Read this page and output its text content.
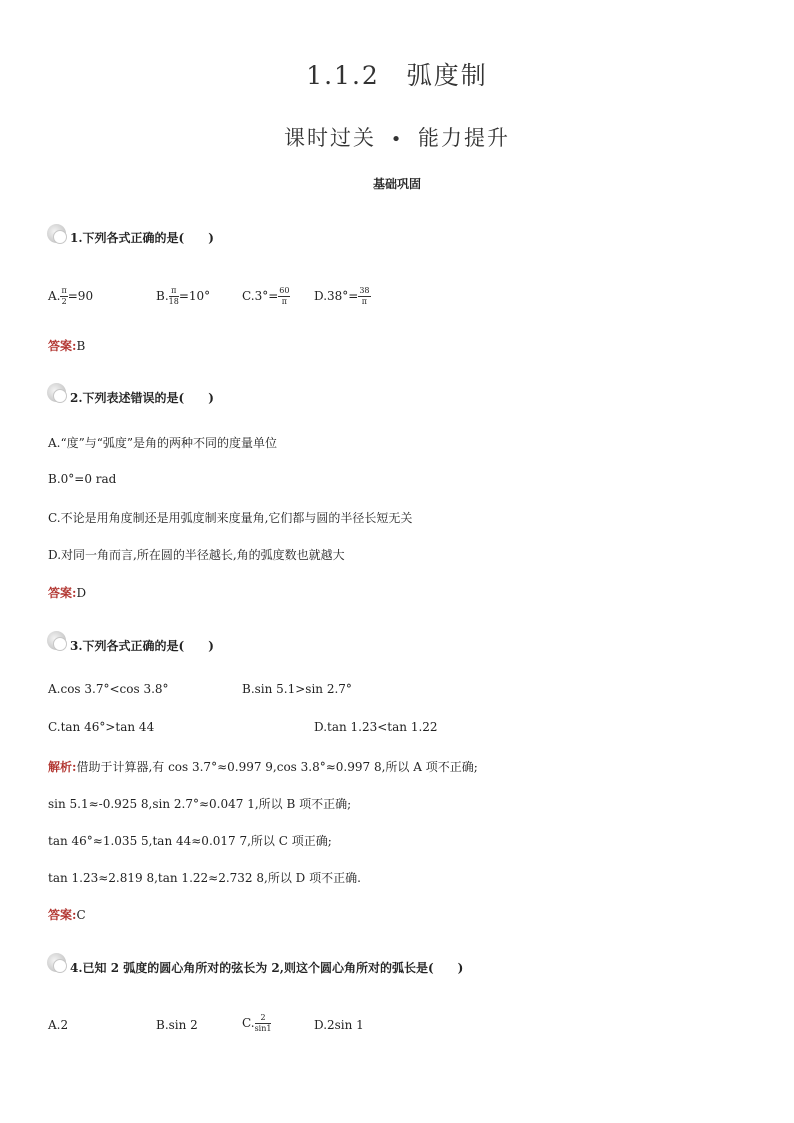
1.1.2　弧度制
课时过关 • 能力提升
基础巩固
1.下列各式正确的是(　　)
A. $\frac{\pi}{2} =90$	B. $\frac{\pi}{18} =10^\circ$	$C.3^\circ= \frac{60}{\pi} D.38^\circ= \frac{38}{\pi}$
答案:B
2.下列表述错误的是(　　)
A.“度”与“弧度”是角的两种不同的度量单位
B.0°=0 rad
C.不论是用角度制还是用弧度制来度量角,它们都与圆的半径长短无关
D.对同一角而言,所在圆的半径越长,角的弧度数也就越大
答案:D
3.下列各式正确的是(　　)
A.cos 3.7°<cos 3.8°	B.sin 5.1>sin 2.7°
C.tan 46°>tan 44	D.tan 1.23<tan 1.22
解析:借助于计算器,有 cos 3.7°≈0.997 9,cos 3.8°≈0.997 8,所以 A 项不正确;
sin 5.1≈-0.925 8,sin 2.7°≈0.047 1,所以 B 项不正确;
tan 46°≈1.035 5,tan 44≈0.017 7,所以 C 项正确;
tan 1.23≈2.819 8,tan 1.22≈2.732 8,所以 D 项不正确.
答案:C
4.已知 2 弧度的圆心角所对的弦长为 2,则这个圆心角所对的弧长是(　　)
A.2	B.sin 2	C. $\frac{2}{\sin 1}$	D.2sin 1
